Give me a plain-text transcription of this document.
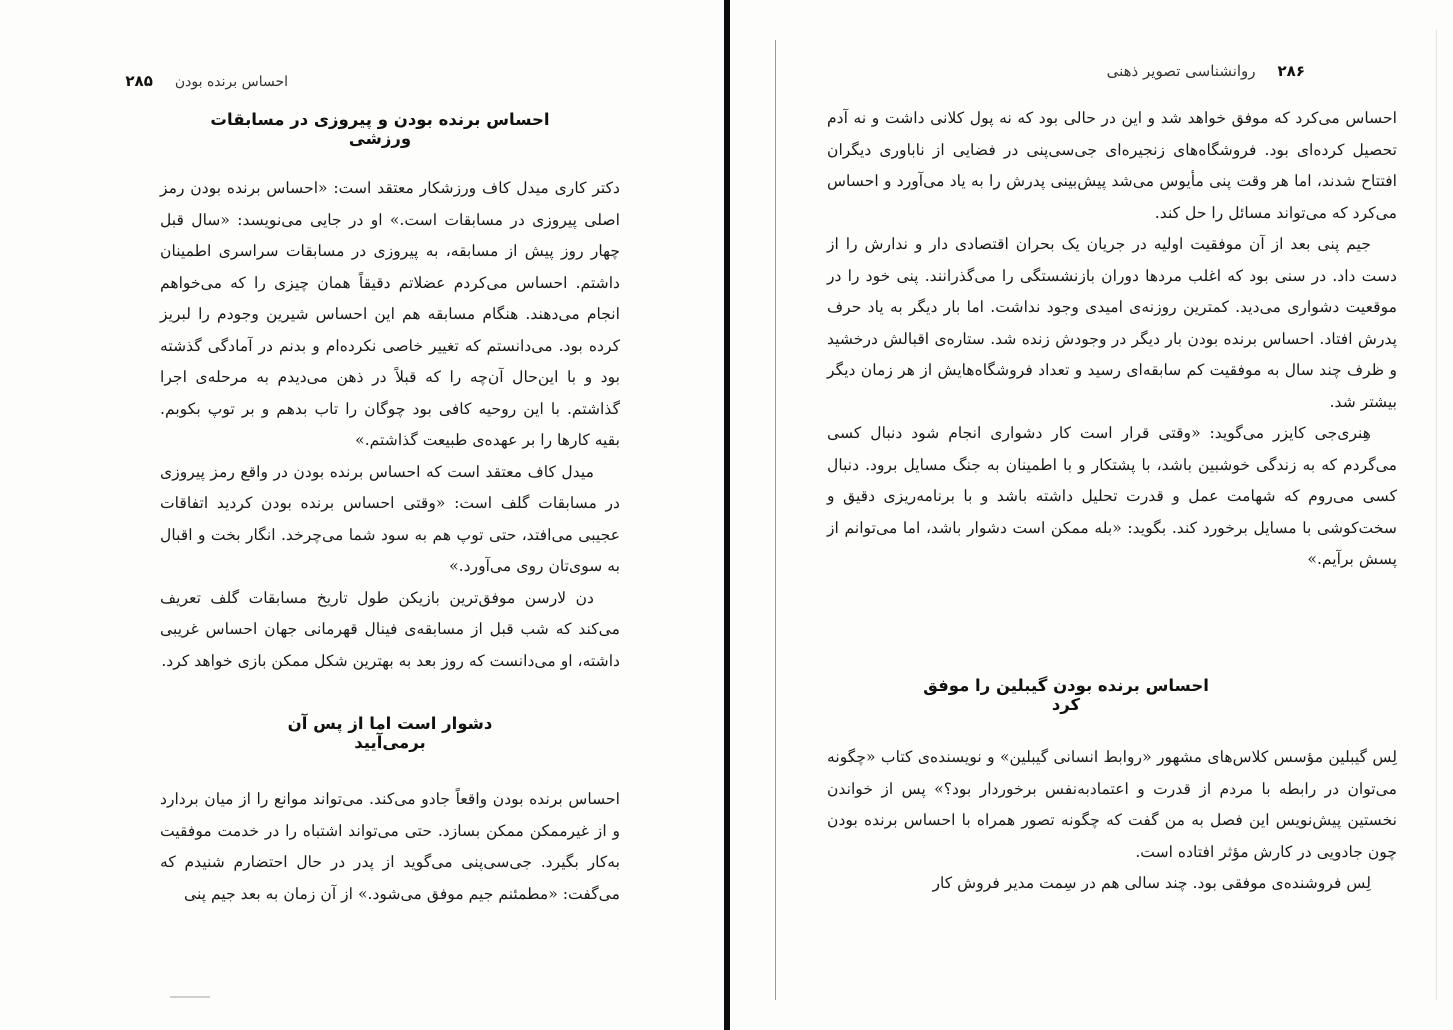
احساس برنده بودن
۲۸۵
احساس برنده بودن و پیروزی در مسابقات ورزشی

دکتر کاری میدل کاف ورزشکار معتقد است: «احساس برنده بودن رمز اصلی پیروزی در مسابقات است.» او در جایی می‌نویسد: «سال قبل چهار روز پیش از مسابقه، به پیروزی در مسابقات سراسری اطمینان داشتم. احساس می‌کردم عضلاتم دقیقاً همان چیزی را که می‌خواهم انجام می‌دهند. هنگام مسابقه هم این احساس شیرین وجودم را لبریز کرده بود. می‌دانستم که تغییر خاصی نکرده‌ام و بدنم در آمادگی گذشته بود و با این‌حال آن‌چه را که قبلاً در ذهن می‌دیدم به مرحله‌ی اجرا گذاشتم. با این روحیه کافی بود چوگان را تاب بدهم و بر توپ بکوبم. بقیه کارها را بر عهده‌ی طبیعت گذاشتم.»

میدل کاف معتقد است که احساس برنده بودن در واقع رمز پیروزی در مسابقات گلف است: «وقتی احساس برنده بودن کردید اتفاقات عجیبی می‌افتد، حتی توپ هم به سود شما می‌چرخد. انگار بخت و اقبال به سوی‌تان روی می‌آورد.»

دن لارسن موفق‌ترین بازیکن طول تاریخ مسابقات گلف تعریف می‌کند که شب قبل از مسابقه‌ی فینال قهرمانی جهان احساس غریبی داشته، او می‌دانست که روز بعد به بهترین شکل ممکن بازی خواهد کرد.

دشوار است اما از پس آن برمی‌آیید

احساس برنده بودن واقعاً جادو می‌کند. می‌تواند موانع را از میان بردارد و از غیرممکن ممکن بسازد. حتی می‌تواند اشتباه را در خدمت موفقیت به‌کار بگیرد. جی‌سی‌پنی می‌گوید از پدر در حال احتضارم شنیدم که می‌گفت: «مطمئنم جیم موفق می‌شود.» از آن زمان به بعد جیم پنی

۲۸۶
روانشناسی تصویر ذهنی

احساس می‌کرد که موفق خواهد شد و این در حالی بود که نه پول کلانی داشت و نه آدم تحصیل کرده‌ای بود. فروشگاه‌های زنجیره‌ای جی‌سی‌پنی در فضایی از ناباوری دیگران افتتاح شدند، اما هر وقت پنی مأیوس می‌شد پیش‌بینی پدرش را به یاد می‌آورد و احساس می‌کرد که می‌تواند مسائل را حل کند.

جیم پنی بعد از آن موفقیت اولیه در جریان یک بحران اقتصادی دار و ندارش را از دست داد. در سنی بود که اغلب مردها دوران بازنشستگی را می‌گذرانند. پنی خود را در موقعیت دشواری می‌دید. کمترین روزنه‌ی امیدی وجود نداشت. اما بار دیگر به یاد حرف پدرش افتاد. احساس برنده بودن بار دیگر در وجودش زنده شد. ستاره‌ی اقبالش درخشید و ظرف چند سال به موفقیت کم سابقه‌ای رسید و تعداد فروشگاه‌هایش از هر زمان دیگر بیشتر شد.

هِنری‌جی کایزر می‌گوید: «وقتی قرار است کار دشواری انجام شود دنبال کسی می‌گردم که به زندگی خوشبین باشد، با پشتکار و با اطمینان به جنگ مسایل برود. دنبال کسی می‌روم که شهامت عمل و قدرت تحلیل داشته باشد و با برنامه‌ریزی دقیق و سخت‌کوشی با مسایل برخورد کند. بگوید: «بله ممکن است دشوار باشد، اما می‌توانم از پسش برآیم.»

احساس برنده بودن گیبلین را موفق کرد

لِس گیبلین مؤسس کلاس‌های مشهور «روابط انسانی گیبلین» و نویسنده‌ی کتاب «چگونه می‌توان در رابطه با مردم از قدرت و اعتمادبه‌نفس برخوردار بود؟» پس از خواندن نخستین پیش‌نویس این فصل به من گفت که چگونه تصور همراه با احساس برنده بودن چون جادویی در کارش مؤثر افتاده است.

لِس فروشنده‌ی موفقی بود. چند سالی هم در سِمت مدیر فروش کار
